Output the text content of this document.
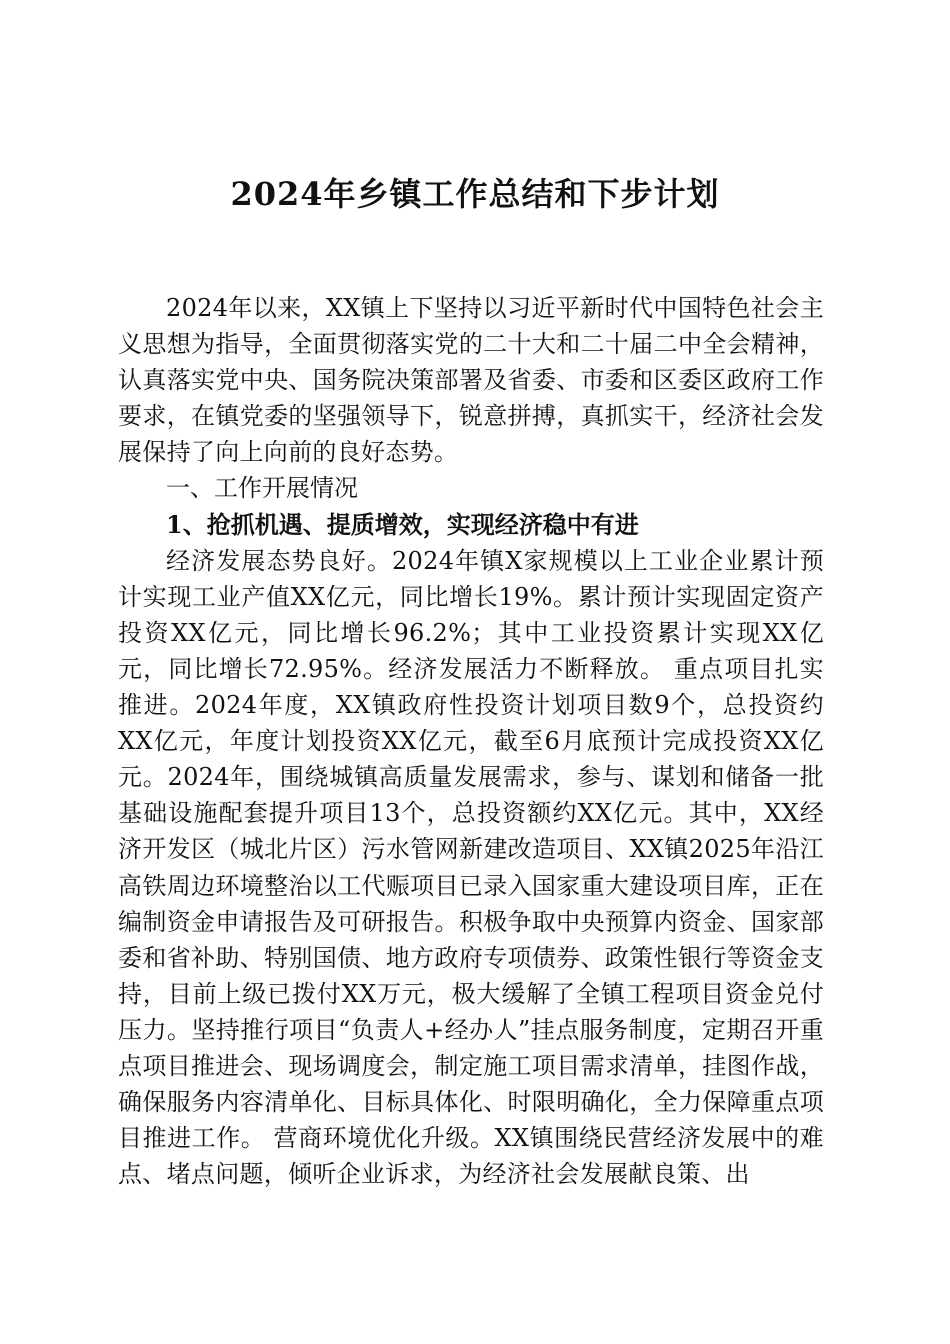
2024年乡镇工作总结和下步计划

2024年以来，XX镇上下坚持以习近平新时代中国特色社会主义思想为指导，全面贯彻落实党的二十大和二十届二中全会精神，认真落实党中央、国务院决策部署及省委、市委和区委区政府工作要求，在镇党委的坚强领导下，锐意拼搏，真抓实干，经济社会发展保持了向上向前的良好态势。

一、工作开展情况

1、抢抓机遇、提质增效，实现经济稳中有进

经济发展态势良好。2024年镇X家规模以上工业企业累计预计实现工业产值XX亿元，同比增长19%。累计预计实现固定资产投资XX亿元，同比增长96.2%；其中工业投资累计实现XX亿元，同比增长72.95%。经济发展活力不断释放。 重点项目扎实推进。2024年度，XX镇政府性投资计划项目数9个，总投资约XX亿元，年度计划投资XX亿元，截至6月底预计完成投资XX亿元。2024年，围绕城镇高质量发展需求，参与、谋划和储备一批基础设施配套提升项目13个，总投资额约XX亿元。其中，XX经济开发区（城北片区）污水管网新建改造项目、XX镇2025年沿江高铁周边环境整治以工代赈项目已录入国家重大建设项目库，正在编制资金申请报告及可研报告。积极争取中央预算内资金、国家部委和省补助、特别国债、地方政府专项债券、政策性银行等资金支持，目前上级已拨付XX万元，极大缓解了全镇工程项目资金兑付压力。坚持推行项目“负责人+经办人”挂点服务制度，定期召开重点项目推进会、现场调度会，制定施工项目需求清单，挂图作战，确保服务内容清单化、目标具体化、时限明确化，全力保障重点项目推进工作。 营商环境优化升级。XX镇围绕民营经济发展中的难点、堵点问题，倾听企业诉求，为经济社会发展献良策、出
